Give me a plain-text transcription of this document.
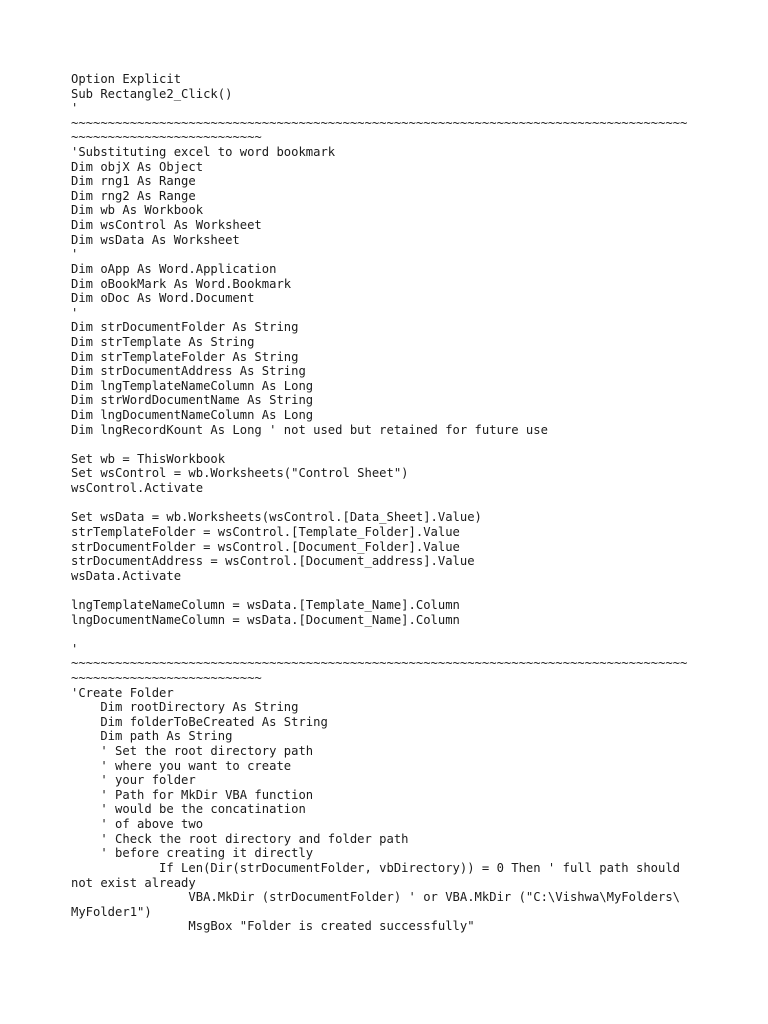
Option Explicit
Sub Rectangle2_Click()
'
~~~~~~~~~~~~~~~~~~~~~~~~~~~~~~~~~~~~~~~~~~~~~~~~~~~~~~~~~~~~~~~~~~~~~~~~~~~~~~~~~~~~
~~~~~~~~~~~~~~~~~~~~~~~~~~
'Substituting excel to word bookmark
Dim objX As Object
Dim rng1 As Range
Dim rng2 As Range
Dim wb As Workbook
Dim wsControl As Worksheet
Dim wsData As Worksheet
'
Dim oApp As Word.Application
Dim oBookMark As Word.Bookmark
Dim oDoc As Word.Document
'
Dim strDocumentFolder As String
Dim strTemplate As String
Dim strTemplateFolder As String
Dim strDocumentAddress As String
Dim lngTemplateNameColumn As Long
Dim strWordDocumentName As String
Dim lngDocumentNameColumn As Long
Dim lngRecordKount As Long ' not used but retained for future use
Set wb = ThisWorkbook
Set wsControl = wb.Worksheets("Control Sheet")
wsControl.Activate
Set wsData = wb.Worksheets(wsControl.[Data_Sheet].Value)
strTemplateFolder = wsControl.[Template_Folder].Value
strDocumentFolder = wsControl.[Document_Folder].Value
strDocumentAddress = wsControl.[Document_address].Value
wsData.Activate
lngTemplateNameColumn = wsData.[Template_Name].Column
lngDocumentNameColumn = wsData.[Document_Name].Column
'
~~~~~~~~~~~~~~~~~~~~~~~~~~~~~~~~~~~~~~~~~~~~~~~~~~~~~~~~~~~~~~~~~~~~~~~~~~~~~~~~~~~~
~~~~~~~~~~~~~~~~~~~~~~~~~~
'Create Folder
Dim rootDirectory As String
Dim folderToBeCreated As String
Dim path As String
' Set the root directory path
' where you want to create
' your folder
' Path for MkDir VBA function
' would be the concatination
' of above two
' Check the root directory and folder path
' before creating it directly
If Len(Dir(strDocumentFolder, vbDirectory)) = 0 Then ' full path should
not exist already
VBA.MkDir (strDocumentFolder) ' or VBA.MkDir ("C:\Vishwa\MyFolders\
MyFolder1")
MsgBox "Folder is created successfully"
